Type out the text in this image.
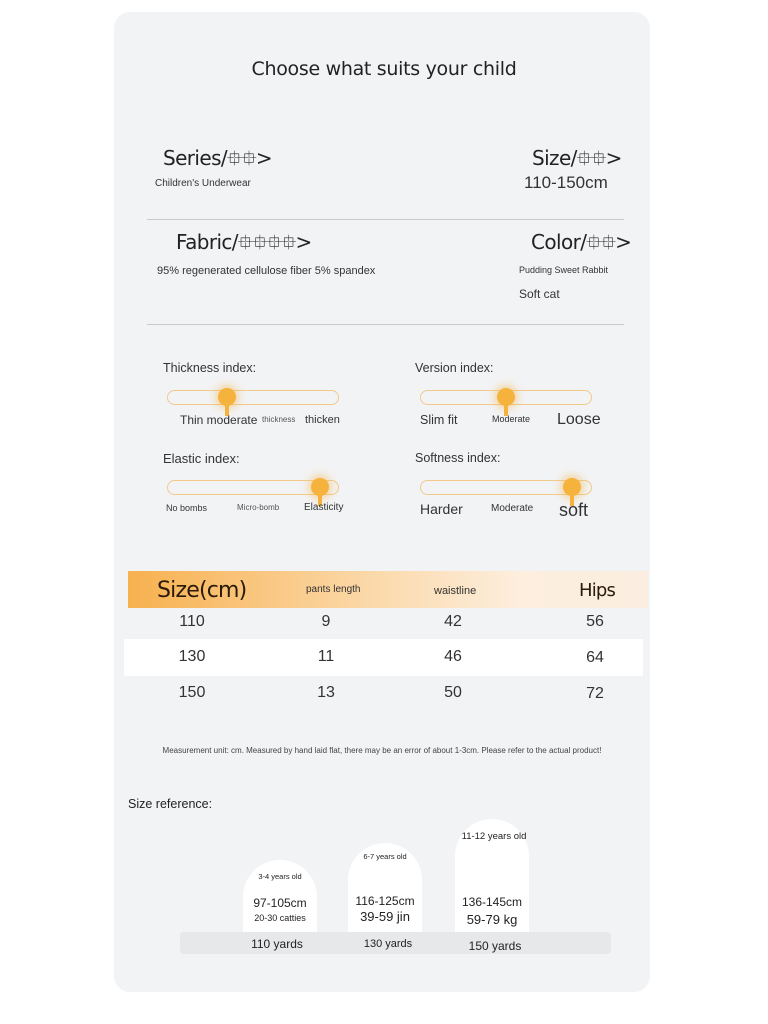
Choose what suits your child
Series/⯐⯐>
Children's Underwear
Size/⯐⯐>
110-150cm
Fabric/⯐⯐⯐⯐>
95% regenerated cellulose fiber 5% spandex
Color/⯐⯐>
Pudding Sweet Rabbit
Soft cat
Thickness index:
Thin moderate thickness thicken
Version index:
Slim fit	Moderate Loose
Elastic index:
No bombs	Micro-bomb Elasticity
Softness index:
Harder	Moderate soft
Size(cm)	pants length	waistline	Hips
110	9	42	56
130	11	46	64
150	13	50	72
Measurement unit: cm. Measured by hand laid flat, there may be an error of about 1-3cm. Please refer to the actual product!
Size reference:
3-4 years old
97-105cm
20-30 catties
110 yards
6-7 years old
116-125cm
39-59 jin
130 yards
11-12 years old
136-145cm
59-79 kg
150 yards
